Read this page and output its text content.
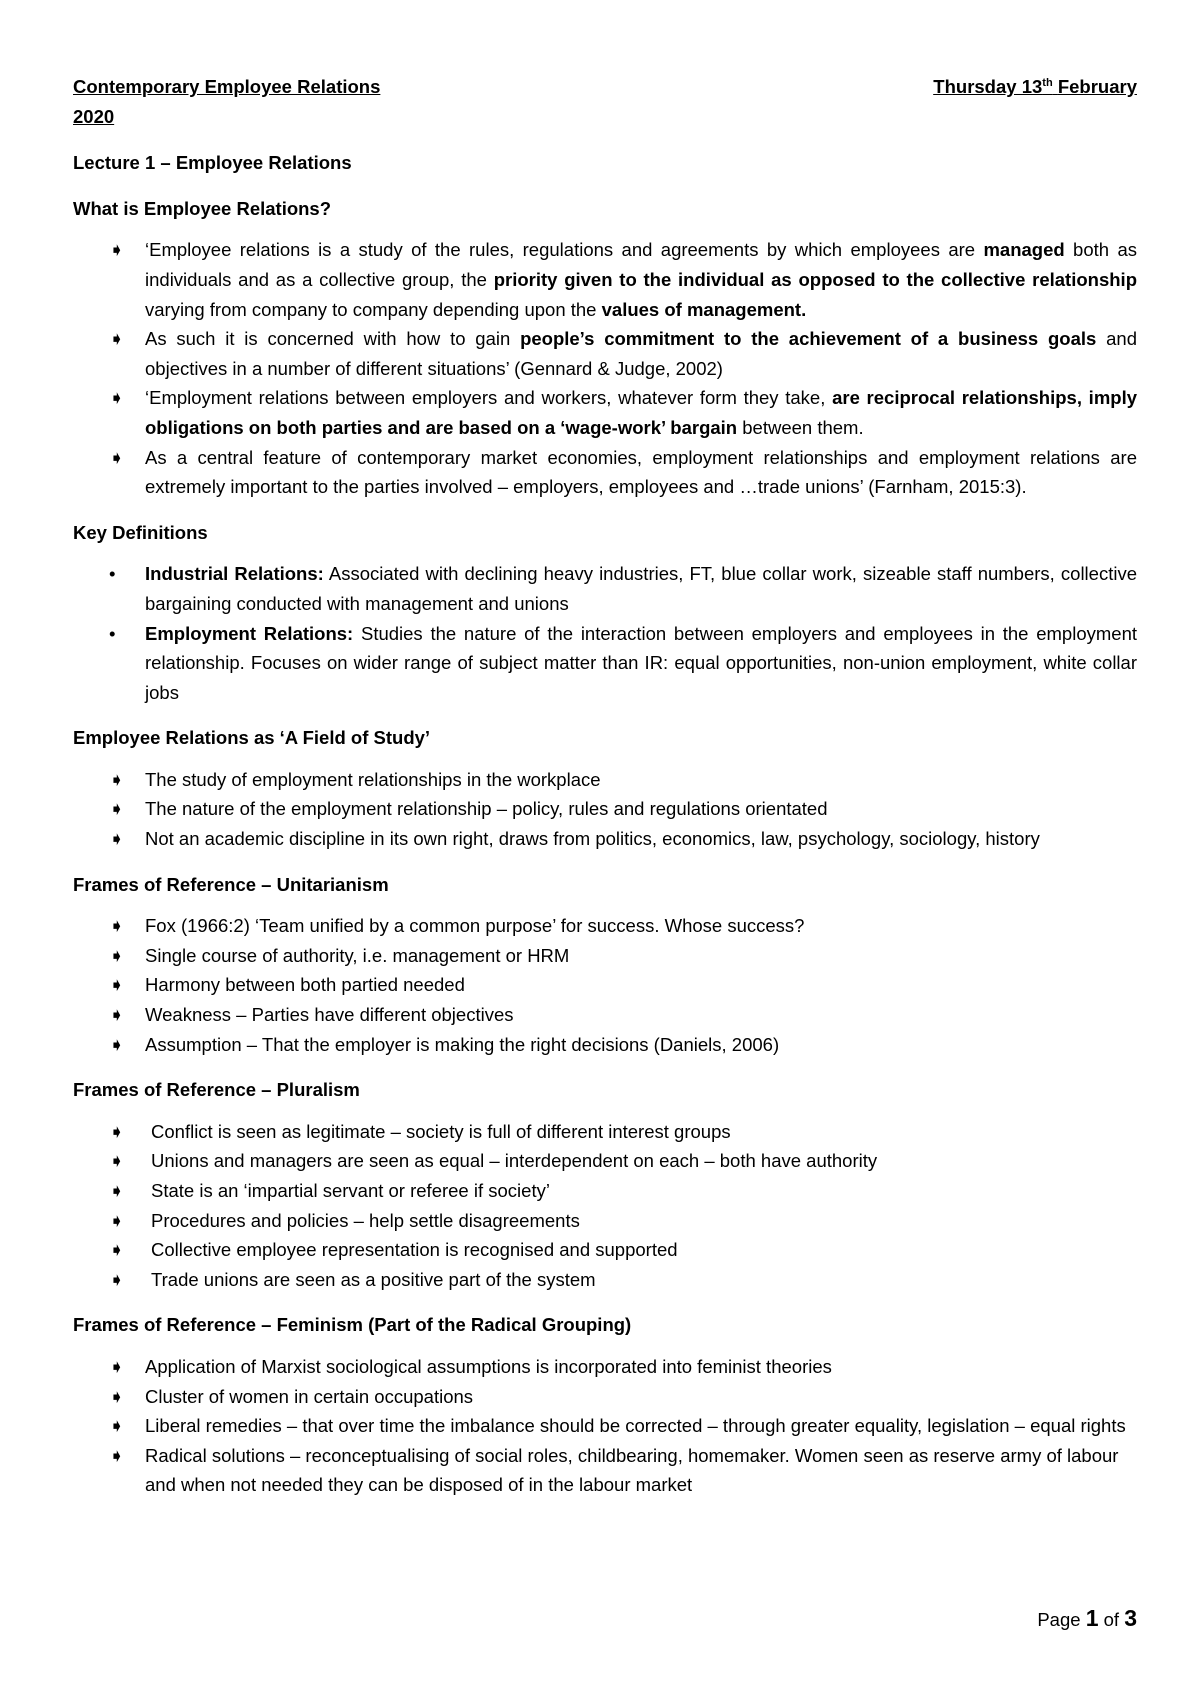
Contemporary Employee Relations	Thursday 13th February
2020
Lecture 1 – Employee Relations
What is Employee Relations?
➧ ‘Employee relations is a study of the rules, regulations and agreements by which employees are managed both as individuals and as a collective group, the priority given to the individual as opposed to the collective relationship varying from company to company depending upon the values of management.
➧ As such it is concerned with how to gain people’s commitment to the achievement of a business goals and objectives in a number of different situations’ (Gennard & Judge, 2002)
➧ ‘Employment relations between employers and workers, whatever form they take, are reciprocal relationships, imply obligations on both parties and are based on a ‘wage-work’ bargain between them.
➧ As a central feature of contemporary market economies, employment relationships and employment relations are extremely important to the parties involved – employers, employees and …trade unions’ (Farnham, 2015:3).
Key Definitions
•	Industrial Relations: Associated with declining heavy industries, FT, blue collar work, sizeable staff numbers, collective bargaining conducted with management and unions
•	Employment Relations: Studies the nature of the interaction between employers and employees in the employment relationship. Focuses on wider range of subject matter than IR: equal opportunities, non-union employment, white collar jobs
Employee Relations as ‘A Field of Study’
➧ The study of employment relationships in the workplace
➧ The nature of the employment relationship – policy, rules and regulations orientated
➧ Not an academic discipline in its own right, draws from politics, economics, law, psychology, sociology, history
Frames of Reference – Unitarianism
➧ Fox (1966:2) ‘Team unified by a common purpose’ for success. Whose success?
➧ Single course of authority, i.e. management or HRM
➧ Harmony between both partied needed
➧ Weakness – Parties have different objectives
➧ Assumption – That the employer is making the right decisions (Daniels, 2006)
Frames of Reference – Pluralism
➧ Conflict is seen as legitimate – society is full of different interest groups
➧ Unions and managers are seen as equal – interdependent on each – both have authority
➧ State is an ‘impartial servant or referee if society’
➧ Procedures and policies – help settle disagreements
➧ Collective employee representation is recognised and supported
➧ Trade unions are seen as a positive part of the system
Frames of Reference – Feminism (Part of the Radical Grouping)
➧ Application of Marxist sociological assumptions is incorporated into feminist theories
➧ Cluster of women in certain occupations
➧ Liberal remedies – that over time the imbalance should be corrected – through greater equality, legislation – equal rights
➧ Radical solutions – reconceptualising of social roles, childbearing, homemaker. Women seen as reserve army of labour and when not needed they can be disposed of in the labour market
Page 1 of 3
